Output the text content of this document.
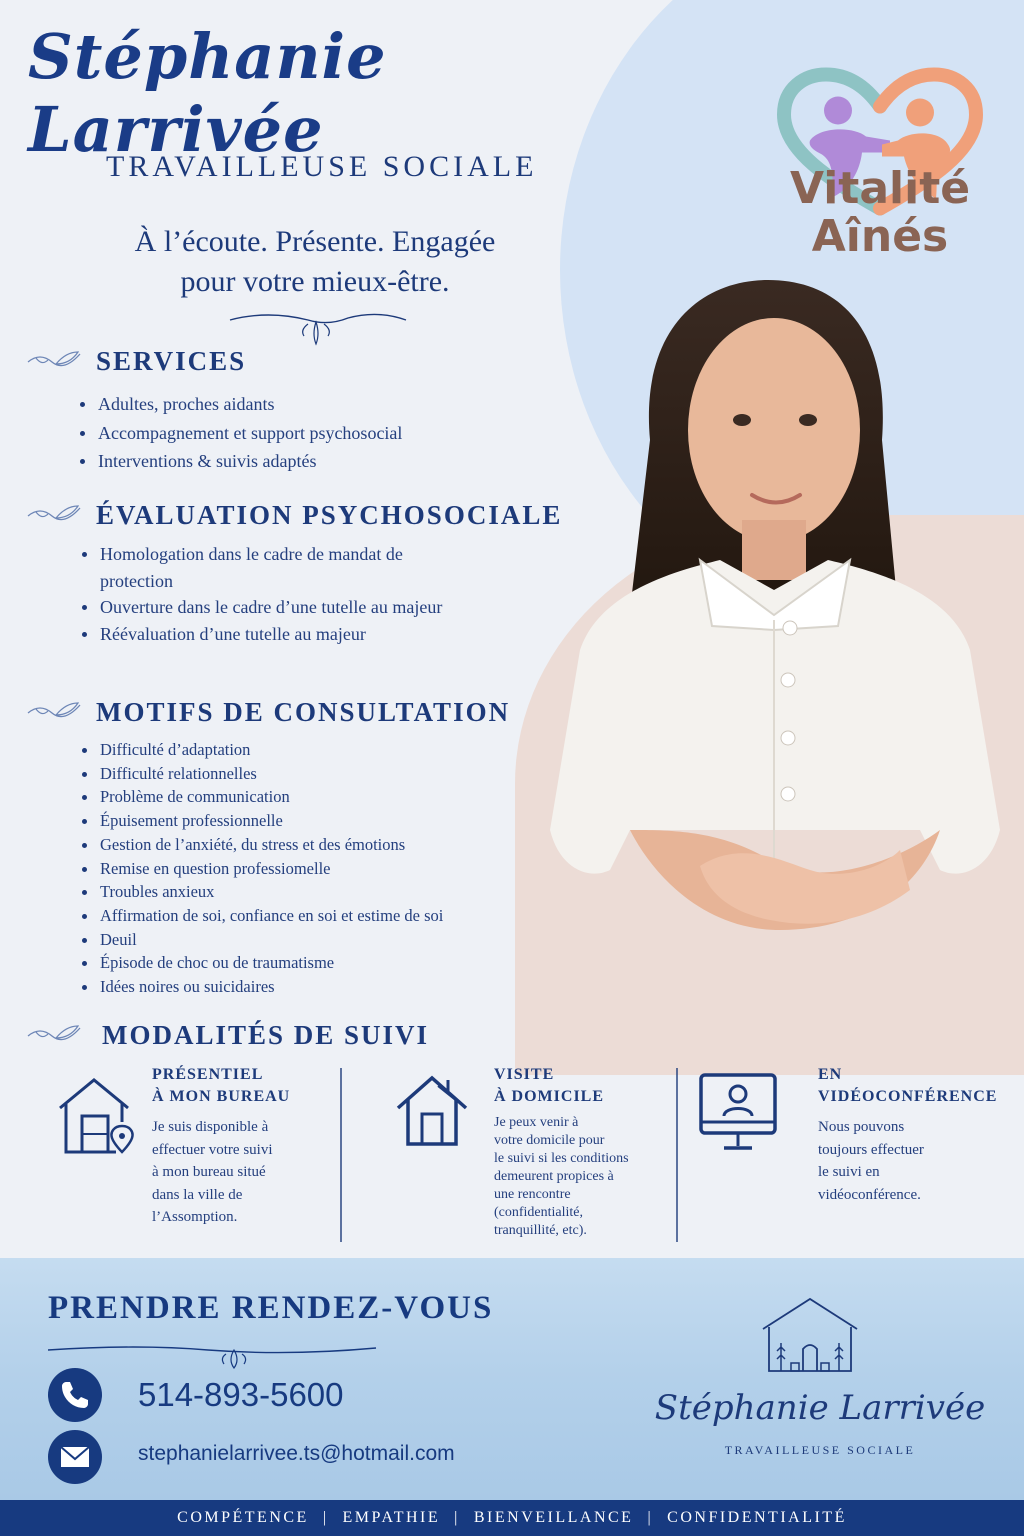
Stéphanie Larrivée
TRAVAILLEUSE SOCIALE
À l’écoute. Présente. Engagée
pour votre mieux-être.
SERVICES
Adultes, proches aidants
Accompagnement et support psychosocial
Interventions & suivis adaptés
ÉVALUATION PSYCHOSOCIALE
Homologation dans le cadre de mandat de protection
Ouverture dans le cadre d’une tutelle au majeur
Réévaluation d’une tutelle au majeur
MOTIFS DE CONSULTATION
Difficulté d’adaptation
Difficulté relationnelles
Problème de communication
Épuisement professionnelle
Gestion de l’anxiété, du stress et des émotions
Remise en question professiomelle
Troubles anxieux
Affirmation de soi, confiance en soi et estime de soi
Deuil
Épisode de choc ou de traumatisme
Idées noires ou suicidaires
MODALITÉS DE SUIVI
Vitalité
Aînés
PRÉSENTIEL
À MON BUREAU
Je suis disponible à
effectuer votre suivi
à mon bureau situé
dans la ville de
l’Assomption.
VISITE
À DOMICILE
Je peux venir à
votre domicile pour
le suivi si les conditions
demeurent propices à
une rencontre
(confidentialité,
tranquillité, etc).
EN
VIDÉOCONFÉRENCE
Nous pouvons
toujours effectuer
le suivi en
vidéoconférence.
PRENDRE RENDEZ-VOUS
514-893-5600
stephanielarrivee.ts@hotmail.com
Stéphanie Larrivée
TRAVAILLEUSE SOCIALE
COMPÉTENCE | EMPATHIE | BIENVEILLANCE | CONFIDENTIALITÉ
